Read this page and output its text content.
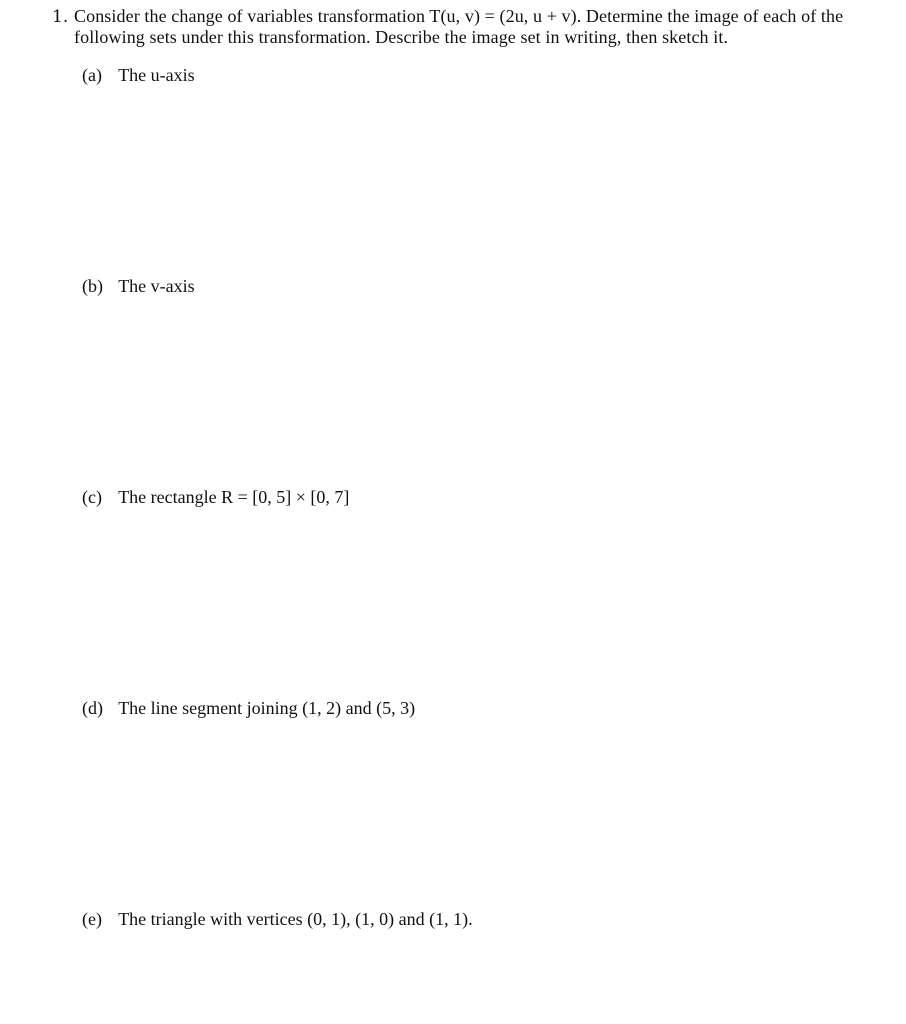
1. Consider the change of variables transformation T(u, v) = (2u, u + v). Determine the image of each of the following sets under this transformation. Describe the image set in writing, then sketch it.
(a) The u-axis
(b) The v-axis
(c) The rectangle R = [0, 5] × [0, 7]
(d) The line segment joining (1, 2) and (5, 3)
(e) The triangle with vertices (0, 1), (1, 0) and (1, 1).
